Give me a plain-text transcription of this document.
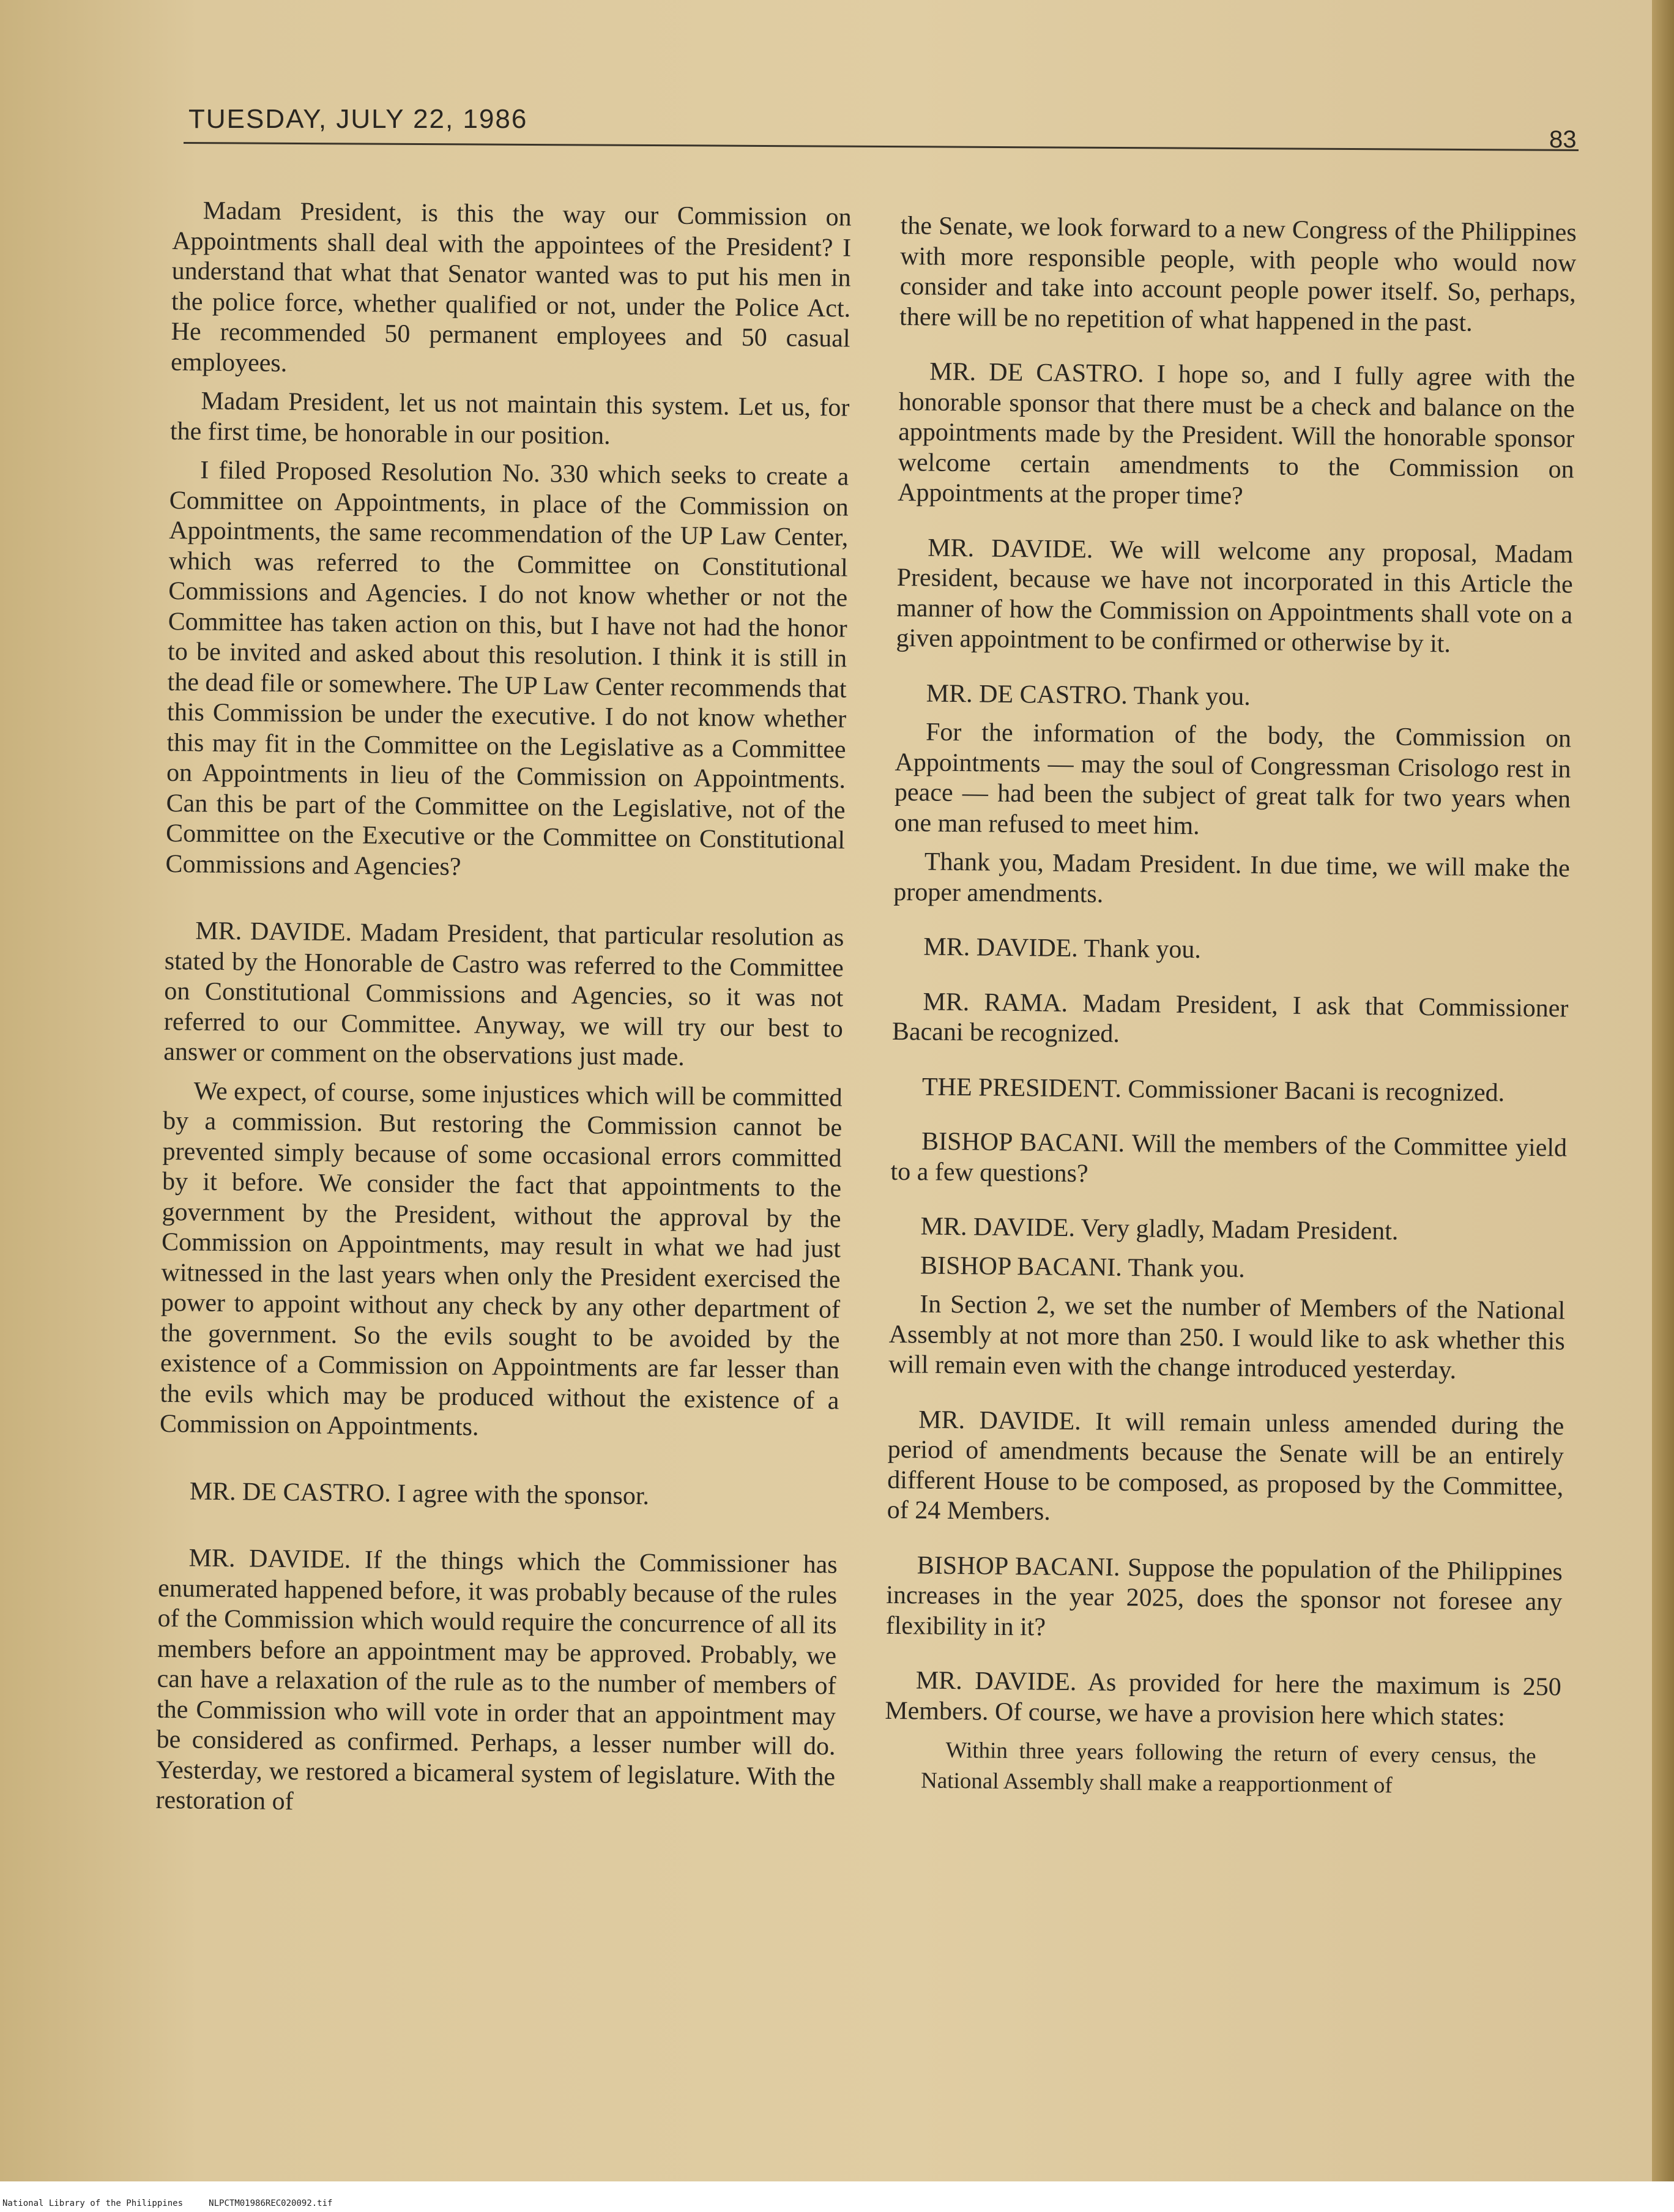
TUESDAY, JULY 22, 1986
83

Madam President, is this the way our Commission on Appointments shall deal with the appointees of the President? I understand that what that Senator wanted was to put his men in the police force, whether qualified or not, under the Police Act. He recommended 50 permanent employees and 50 casual employees.

Madam President, let us not maintain this system. Let us, for the first time, be honorable in our position.

I filed Proposed Resolution No. 330 which seeks to create a Committee on Appointments, in place of the Commission on Appointments, the same recommendation of the UP Law Center, which was referred to the Committee on Constitutional Commissions and Agencies. I do not know whether or not the Committee has taken action on this, but I have not had the honor to be invited and asked about this resolution. I think it is still in the dead file or somewhere. The UP Law Center recommends that this Commission be under the executive. I do not know whether this may fit in the Committee on the Legislative as a Committee on Appointments in lieu of the Commission on Appointments. Can this be part of the Committee on the Legislative, not of the Committee on the Executive or the Committee on Constitutional Commissions and Agencies?

MR. DAVIDE. Madam President, that particular resolution as stated by the Honorable de Castro was referred to the Committee on Constitutional Commissions and Agencies, so it was not referred to our Committee. Anyway, we will try our best to answer or comment on the observations just made.

We expect, of course, some injustices which will be committed by a commission. But restoring the Commission cannot be prevented simply because of some occasional errors committed by it before. We consider the fact that appointments to the government by the President, without the approval by the Commission on Appointments, may result in what we had just witnessed in the last years when only the President exercised the power to appoint without any check by any other department of the government. So the evils sought to be avoided by the existence of a Commission on Appointments are far lesser than the evils which may be produced without the existence of a Commission on Appointments.

MR. DE CASTRO. I agree with the sponsor.

MR. DAVIDE. If the things which the Commissioner has enumerated happened before, it was probably because of the rules of the Commission which would require the concurrence of all its members before an appointment may be approved. Probably, we can have a relaxation of the rule as to the number of members of the Commission who will vote in order that an appointment may be considered as confirmed. Perhaps, a lesser number will do. Yesterday, we restored a bicameral system of legislature. With the restoration of

the Senate, we look forward to a new Congress of the Philippines with more responsible people, with people who would now consider and take into account people power itself. So, perhaps, there will be no repetition of what happened in the past.

MR. DE CASTRO. I hope so, and I fully agree with the honorable sponsor that there must be a check and balance on the appointments made by the President. Will the honorable sponsor welcome certain amendments to the Commission on Appointments at the proper time?

MR. DAVIDE. We will welcome any proposal, Madam President, because we have not incorporated in this Article the manner of how the Commission on Appointments shall vote on a given appointment to be confirmed or otherwise by it.

MR. DE CASTRO. Thank you.

For the information of the body, the Commission on Appointments — may the soul of Congressman Crisologo rest in peace — had been the subject of great talk for two years when one man refused to meet him.

Thank you, Madam President. In due time, we will make the proper amendments.

MR. DAVIDE. Thank you.

MR. RAMA. Madam President, I ask that Commissioner Bacani be recognized.

THE PRESIDENT. Commissioner Bacani is recognized.

BISHOP BACANI. Will the members of the Committee yield to a few questions?

MR. DAVIDE. Very gladly, Madam President.

BISHOP BACANI. Thank you.

In Section 2, we set the number of Members of the National Assembly at not more than 250. I would like to ask whether this will remain even with the change introduced yesterday.

MR. DAVIDE. It will remain unless amended during the period of amendments because the Senate will be an entirely different House to be composed, as proposed by the Committee, of 24 Members.

BISHOP BACANI. Suppose the population of the Philippines increases in the year 2025, does the sponsor not foresee any flexibility in it?

MR. DAVIDE. As provided for here the maximum is 250 Members. Of course, we have a provision here which states:

Within three years following the return of every census, the National Assembly shall make a reapportionment of

National Library of the Philippines	NLPCTM01986REC020092.tif
